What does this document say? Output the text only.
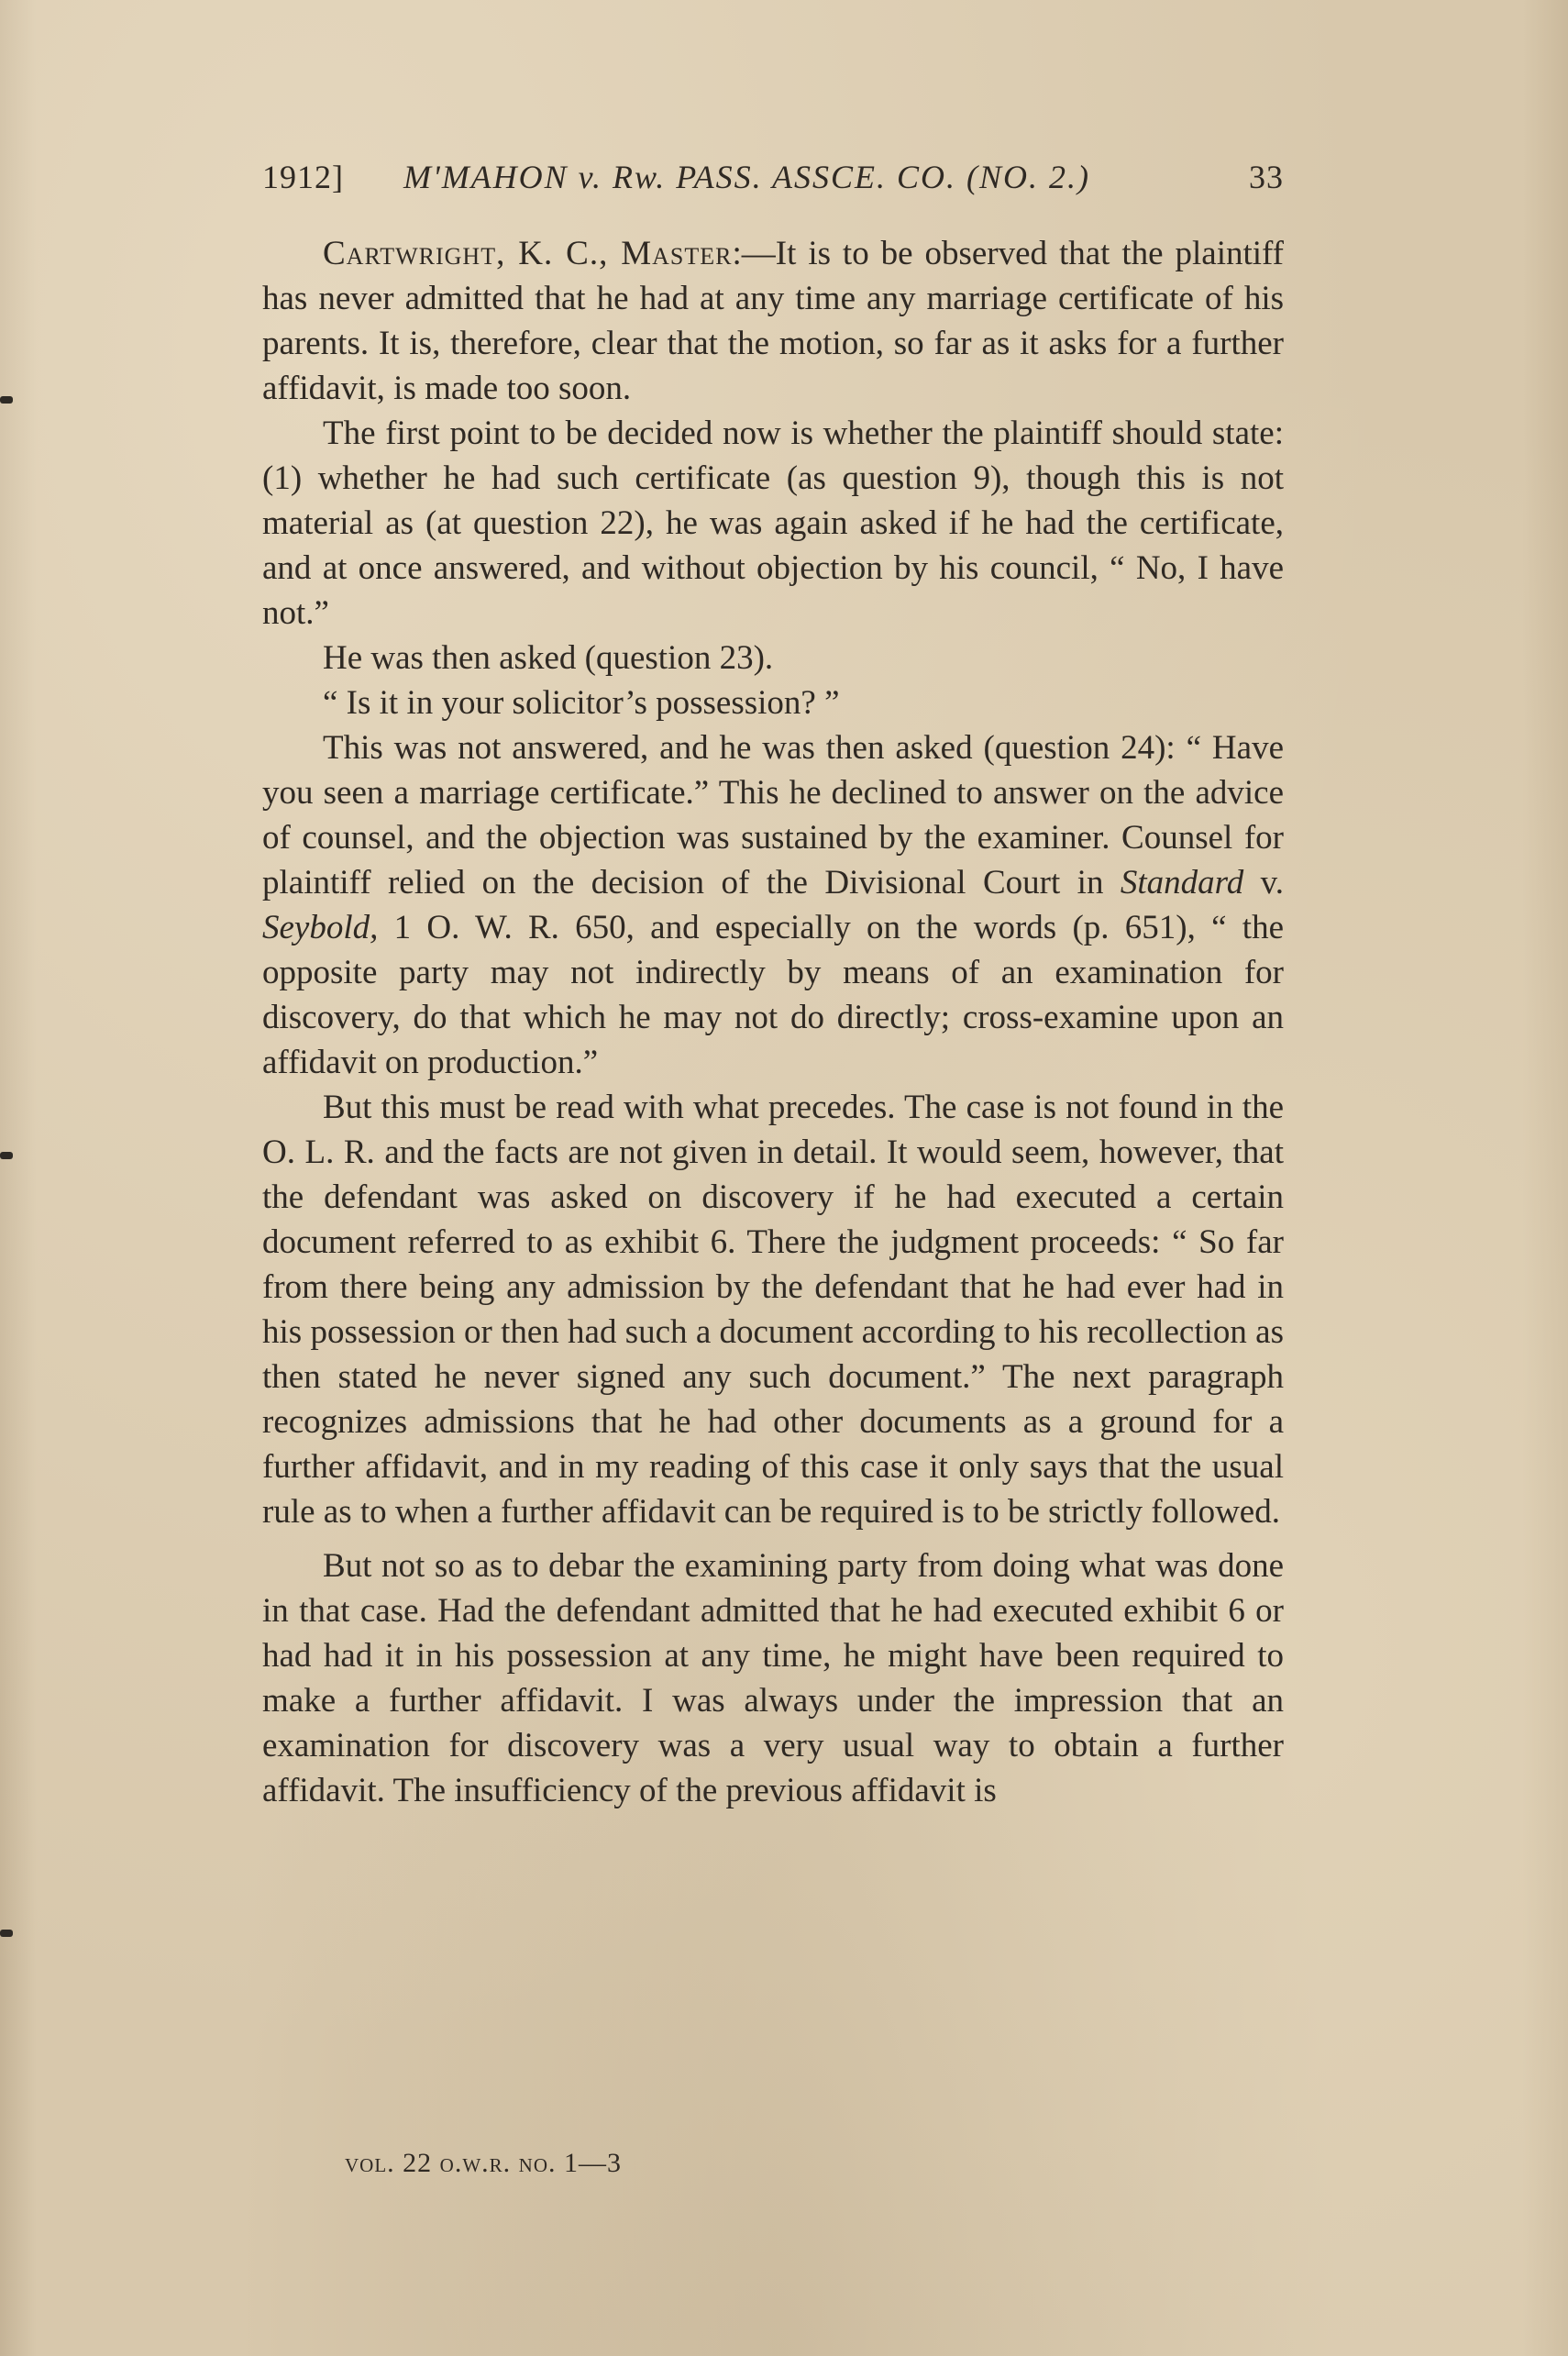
1912] M'MAHON v. Rw. PASS. ASSCE. CO. (NO. 2.)	33

Cartwright, K. C., Master:—It is to be observed that the plaintiff has never admitted that he had at any time any marriage certificate of his parents. It is, therefore, clear that the motion, so far as it asks for a further affidavit, is made too soon.

The first point to be decided now is whether the plaintiff should state: (1) whether he had such certificate (as question 9), though this is not material as (at question 22), he was again asked if he had the certificate, and at once answered, and without objection by his council, “ No, I have not.”

He was then asked (question 23).

“ Is it in your solicitor’s possession? ”

This was not answered, and he was then asked (question 24): “ Have you seen a marriage certificate.” This he declined to answer on the advice of counsel, and the objection was sustained by the examiner. Counsel for plaintiff relied on the decision of the Divisional Court in Standard v. Seybold, 1 O. W. R. 650, and especially on the words (p. 651), “ the opposite party may not indirectly by means of an examination for discovery, do that which he may not do directly; cross-examine upon an affidavit on production.”

But this must be read with what precedes. The case is not found in the O. L. R. and the facts are not given in detail. It would seem, however, that the defendant was asked on discovery if he had executed a certain document referred to as exhibit 6. There the judgment proceeds: “ So far from there being any admission by the defendant that he had ever had in his possession or then had such a document according to his recollection as then stated he never signed any such document.” The next paragraph recognizes admissions that he had other documents as a ground for a further affidavit, and in my reading of this case it only says that the usual rule as to when a further affidavit can be required is to be strictly followed.

But not so as to debar the examining party from doing what was done in that case. Had the defendant admitted that he had executed exhibit 6 or had had it in his possession at any time, he might have been required to make a further affidavit. I was always under the impression that an examination for discovery was a very usual way to obtain a further affidavit. The insufficiency of the previous affidavit is

vol. 22 o.w.r. no. 1—3
